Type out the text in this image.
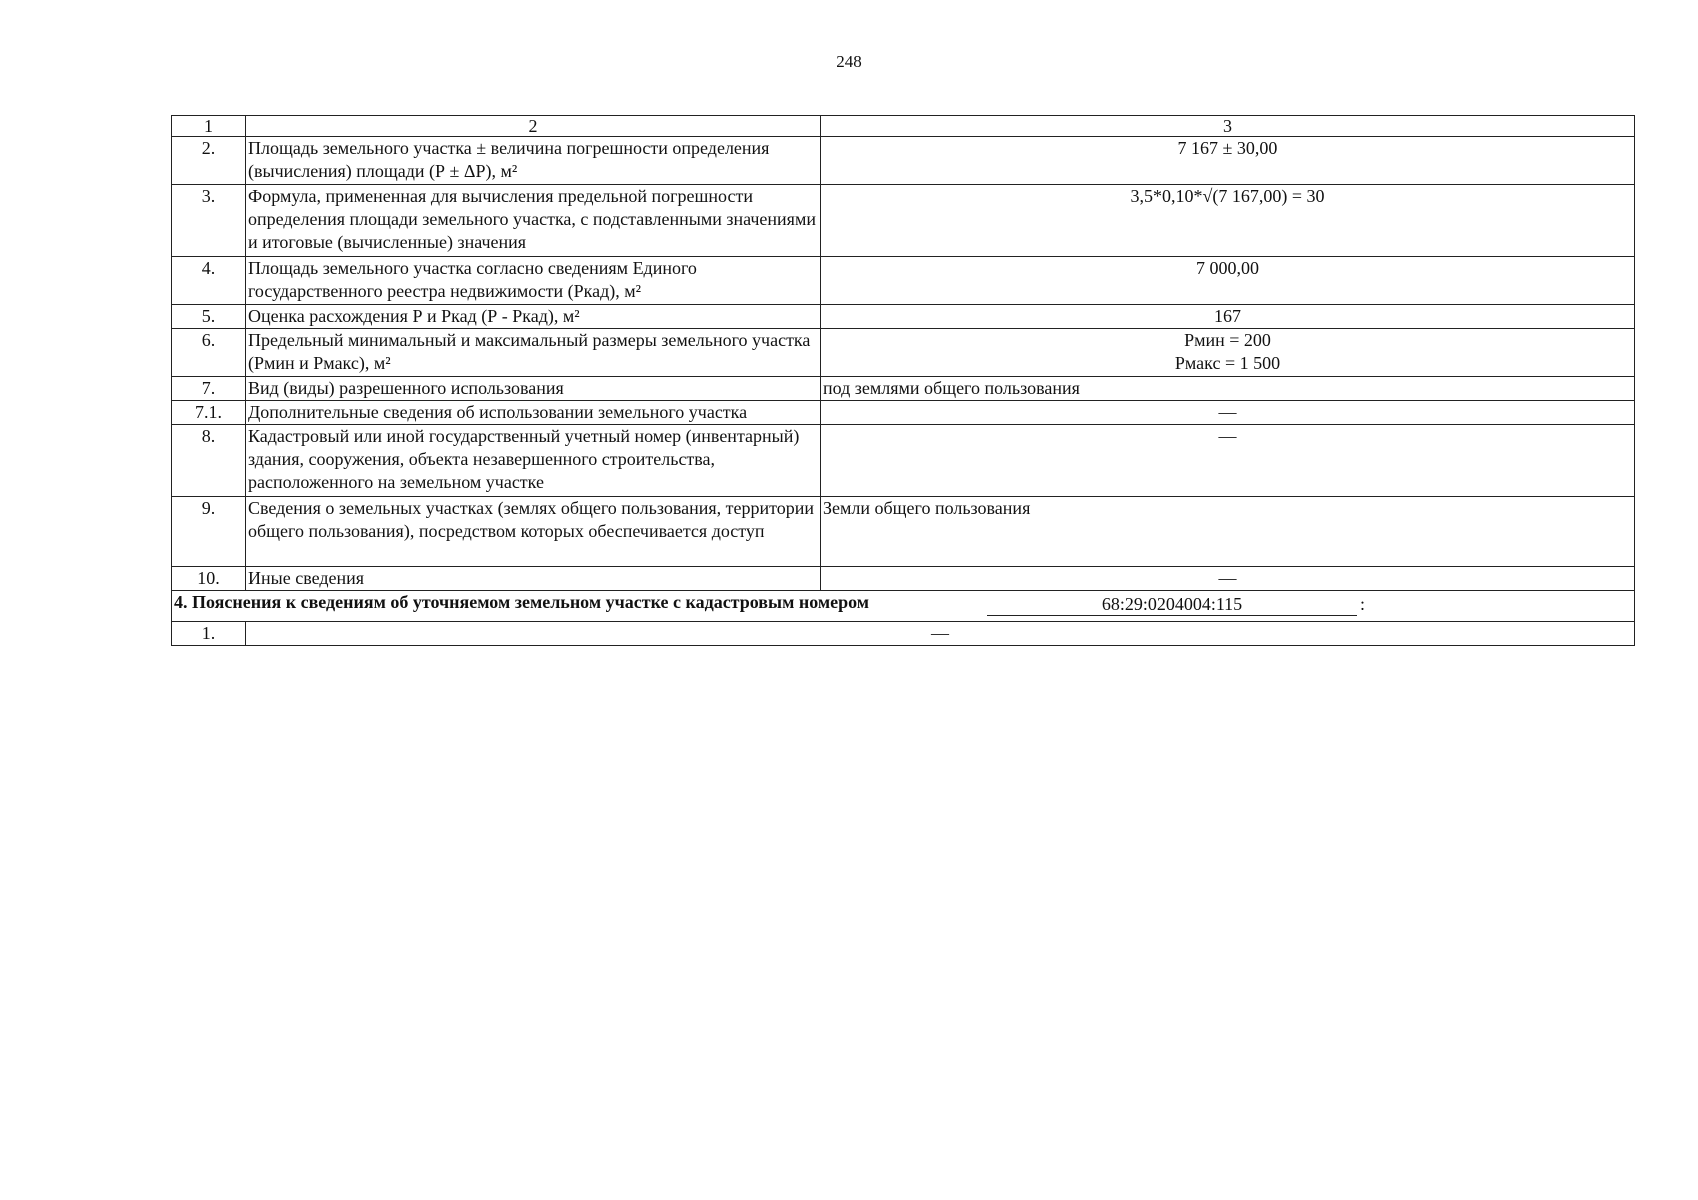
248
1	2	3
2.	Площадь земельного участка ± величина погрешности определения (вычисления) площади (Р ± ΔР), м²	7 167 ± 30,00
3.	Формула, примененная для вычисления предельной погрешности определения площади земельного участка, с подставленными значениями и итоговые (вычисленные) значения	3,5*0,10*√(7 167,00) = 30
4.	Площадь земельного участка согласно сведениям Единого государственного реестра недвижимости (Ркад), м²	7 000,00
5.	Оценка расхождения Р и Ркад (Р - Ркад), м²	167
6.	Предельный минимальный и максимальный размеры земельного участка (Рмин и Рмакс), м²	Рмин = 200
Рмакс = 1 500

7.	Вид (виды) разрешенного использования	под землями общего пользования
7.1.	Дополнительные сведения об использовании земельного участка	—
8.	Кадастровый или иной государственный учетный номер (инвентарный) здания, сооружения, объекта незавершенного строительства, расположенного на земельном участке	—
9.	Сведения о земельных участках (землях общего пользования, территории общего пользования), посредством которых обеспечивается доступ	Земли общего пользования
10.	Иные сведения	—
4. Пояснения к сведениям об уточняемом земельном участке с кадастровым номером 68:29:0204004:115 :		

1.	—	
